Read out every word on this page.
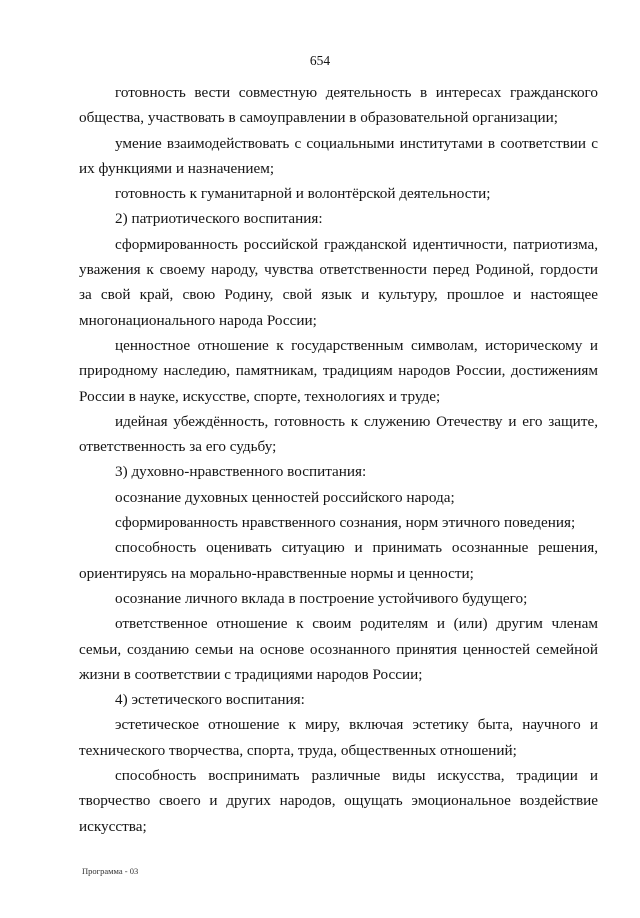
654

готовность вести совместную деятельность в интересах гражданского общества, участвовать в самоуправлении в образовательной организации;

умение взаимодействовать с социальными институтами в соответствии с их функциями и назначением;

готовность к гуманитарной и волонтёрской деятельности;

2) патриотического воспитания:

сформированность российской гражданской идентичности, патриотизма, уважения к своему народу, чувства ответственности перед Родиной, гордости за свой край, свою Родину, свой язык и культуру, прошлое и настоящее многонационального народа России;

ценностное отношение к государственным символам, историческому и природному наследию, памятникам, традициям народов России, достижениям России в науке, искусстве, спорте, технологиях и труде;

идейная убеждённость, готовность к служению Отечеству и его защите, ответственность за его судьбу;

3) духовно-нравственного воспитания:

осознание духовных ценностей российского народа;

сформированность нравственного сознания, норм этичного поведения;

способность оценивать ситуацию и принимать осознанные решения, ориентируясь на морально-нравственные нормы и ценности;

осознание личного вклада в построение устойчивого будущего;

ответственное отношение к своим родителям и (или) другим членам семьи, созданию семьи на основе осознанного принятия ценностей семейной жизни в соответствии с традициями народов России;

4) эстетического воспитания:

эстетическое отношение к миру, включая эстетику быта, научного и технического творчества, спорта, труда, общественных отношений;

способность воспринимать различные виды искусства, традиции и творчество своего и других народов, ощущать эмоциональное воздействие искусства;

Программа - 03
